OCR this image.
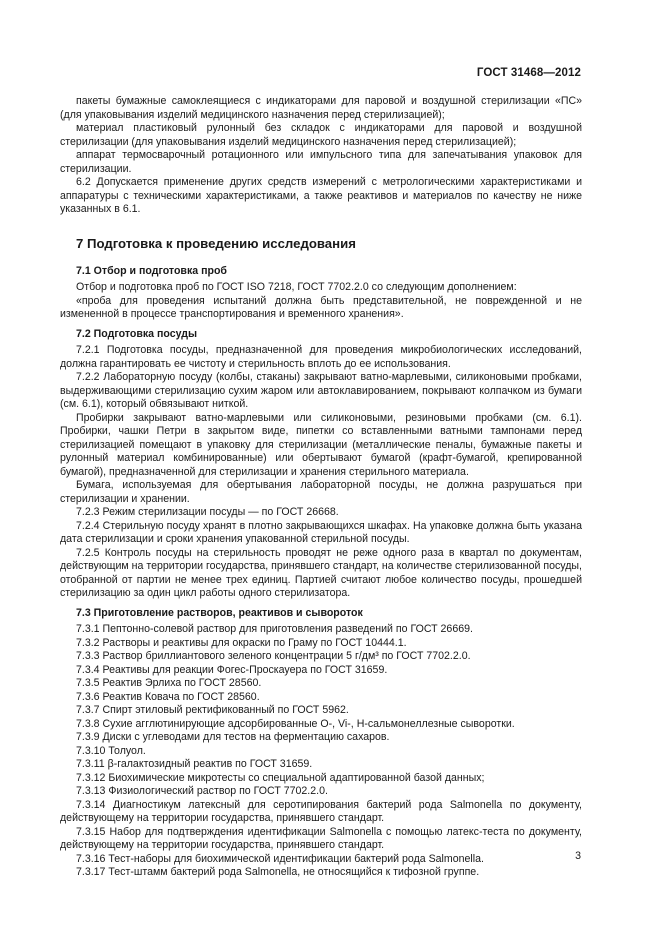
ГОСТ 31468—2012

пакеты бумажные самоклеящиеся с индикаторами для паровой и воздушной стерилизации «ПС» (для упаковывания изделий медицинского назначения перед стерилизацией);

материал пластиковый рулонный без складок с индикаторами для паровой и воздушной стерилизации (для упаковывания изделий медицинского назначения перед стерилизацией);

аппарат термосварочный ротационного или импульсного типа для запечатывания упаковок для стерилизации.

6.2 Допускается применение других средств измерений с метрологическими характеристиками и аппаратуры с техническими характеристиками, а также реактивов и материалов по качеству не ниже указанных в 6.1.

7 Подготовка к проведению исследования
7.1 Отбор и подготовка проб

Отбор и подготовка проб по ГОСТ ISO 7218, ГОСТ 7702.2.0 со следующим дополнением:

«проба для проведения испытаний должна быть представительной, не поврежденной и не измененной в процессе транспортирования и временного хранения».

7.2 Подготовка посуды

7.2.1 Подготовка посуды, предназначенной для проведения микробиологических исследований, должна гарантировать ее чистоту и стерильность вплоть до ее использования.

7.2.2 Лабораторную посуду (колбы, стаканы) закрывают ватно-марлевыми, силиконовыми пробками, выдерживающими стерилизацию сухим жаром или автоклавированием, покрывают колпачком из бумаги (см. 6.1), который обвязывают ниткой.

Пробирки закрывают ватно-марлевыми или силиконовыми, резиновыми пробками (см. 6.1). Пробирки, чашки Петри в закрытом виде, пипетки со вставленными ватными тампонами перед стерилизацией помещают в упаковку для стерилизации (металлические пеналы, бумажные пакеты и рулонный материал комбинированные) или обертывают бумагой (крафт-бумагой, крепированной бумагой), предназначенной для стерилизации и хранения стерильного материала.

Бумага, используемая для обертывания лабораторной посуды, не должна разрушаться при стерилизации и хранении.

7.2.3 Режим стерилизации посуды — по ГОСТ 26668.

7.2.4 Стерильную посуду хранят в плотно закрывающихся шкафах. На упаковке должна быть указана дата стерилизации и сроки хранения упакованной стерильной посуды.

7.2.5 Контроль посуды на стерильность проводят не реже одного раза в квартал по документам, действующим на территории государства, принявшего стандарт, на количестве стерилизованной посуды, отобранной от партии не менее трех единиц. Партией считают любое количество посуды, прошедшей стерилизацию за один цикл работы одного стерилизатора.

7.3 Приготовление растворов, реактивов и сывороток

7.3.1 Пептонно-солевой раствор для приготовления разведений по ГОСТ 26669.

7.3.2 Растворы и реактивы для окраски по Граму по ГОСТ 10444.1.

7.3.3 Раствор бриллиантового зеленого концентрации 5 г/дм³ по ГОСТ 7702.2.0.

7.3.4 Реактивы для реакции Фогес-Проскауера по ГОСТ 31659.

7.3.5 Реактив Эрлиха по ГОСТ 28560.

7.3.6 Реактив Ковача по ГОСТ 28560.

7.3.7 Спирт этиловый ректификованный по ГОСТ 5962.

7.3.8 Сухие агглютинирующие адсорбированные O-, Vi-, H-сальмонеллезные сыворотки.

7.3.9 Диски с углеводами для тестов на ферментацию сахаров.

7.3.10 Толуол.

7.3.11 β-галактозидный реактив по ГОСТ 31659.

7.3.12 Биохимические микротесты со специальной адаптированной базой данных;

7.3.13 Физиологический раствор по ГОСТ 7702.2.0.

7.3.14 Диагностикум латексный для серотипирования бактерий рода Salmonella по документу, действующему на территории государства, принявшего стандарт.

7.3.15 Набор для подтверждения идентификации Salmonella с помощью латекс-теста по документу, действующему на территории государства, принявшего стандарт.

7.3.16 Тест-наборы для биохимической идентификации бактерий рода Salmonella.

7.3.17 Тест-штамм бактерий рода Salmonella, не относящийся к тифозной группе.

3
